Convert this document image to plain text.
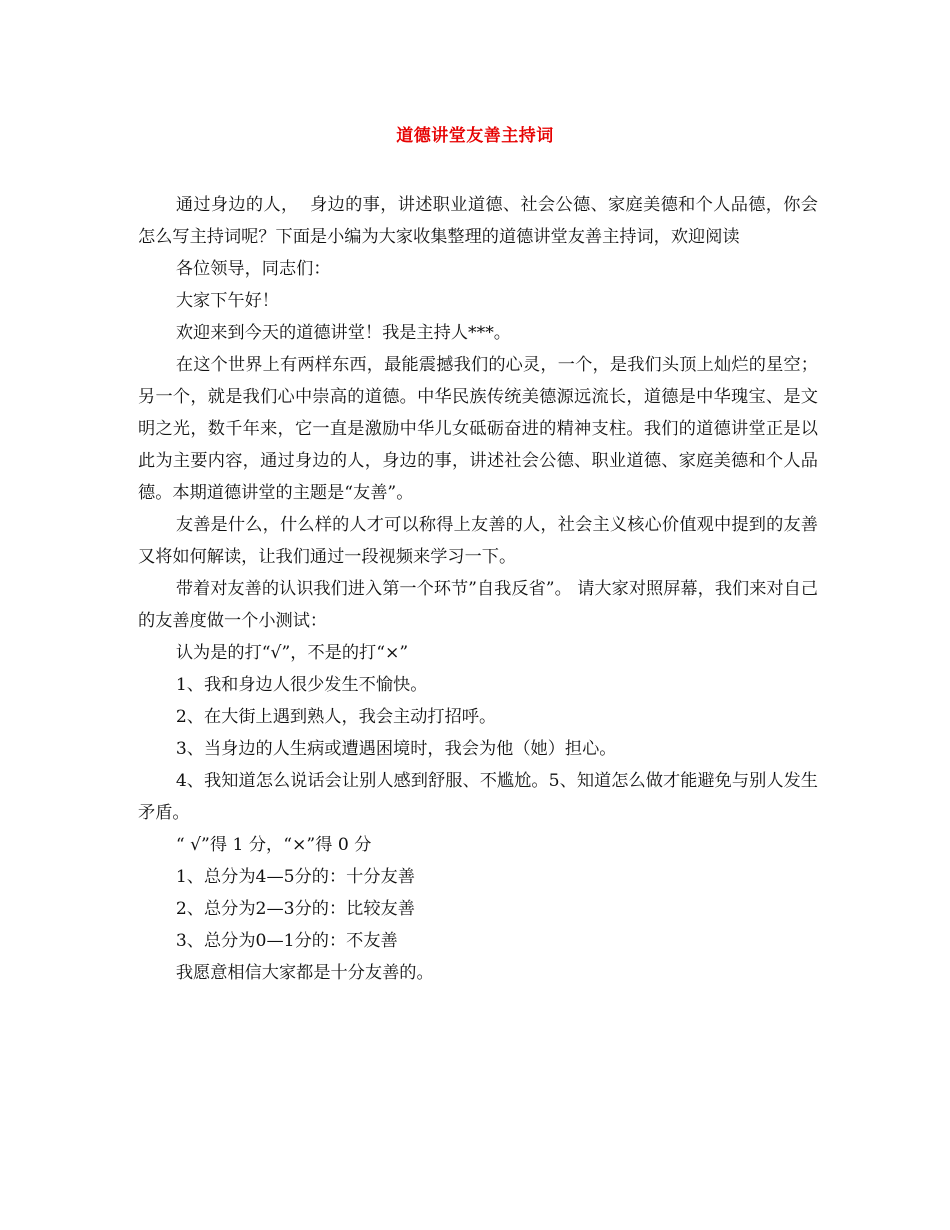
道德讲堂友善主持词

通过身边的人，  身边的事，讲述职业道德、社会公德、家庭美德和个人品德，你会怎么写主持词呢？下面是小编为大家收集整理的道德讲堂友善主持词，欢迎阅读

各位领导，同志们：

大家下午好！

欢迎来到今天的道德讲堂！我是主持人***。

在这个世界上有两样东西，最能震撼我们的心灵，一个，是我们头顶上灿烂的星空；另一个，就是我们心中崇高的道德。中华民族传统美德源远流长，道德是中华瑰宝、是文明之光，数千年来，它一直是激励中华儿女砥砺奋进的精神支柱。我们的道德讲堂正是以此为主要内容，通过身边的人，身边的事，讲述社会公德、职业道德、家庭美德和个人品德。本期道德讲堂的主题是“友善”。

友善是什么，什么样的人才可以称得上友善的人，社会主义核心价值观中提到的友善又将如何解读，让我们通过一段视频来学习一下。

带着对友善的认识我们进入第一个环节”自我反省”。 请大家对照屏幕，我们来对自己的友善度做一个小测试：

认为是的打“√”，不是的打“×”

1、我和身边人很少发生不愉快。

2、在大街上遇到熟人，我会主动打招呼。

3、当身边的人生病或遭遇困境时，我会为他（她）担心。

4、我知道怎么说话会让别人感到舒服、不尴尬。5、知道怎么做才能避免与别人发生矛盾。

“ √”得 1 分，“×”得 0 分

1、总分为4—5分的：十分友善

2、总分为2—3分的：比较友善

3、总分为0—1分的：不友善

我愿意相信大家都是十分友善的。
